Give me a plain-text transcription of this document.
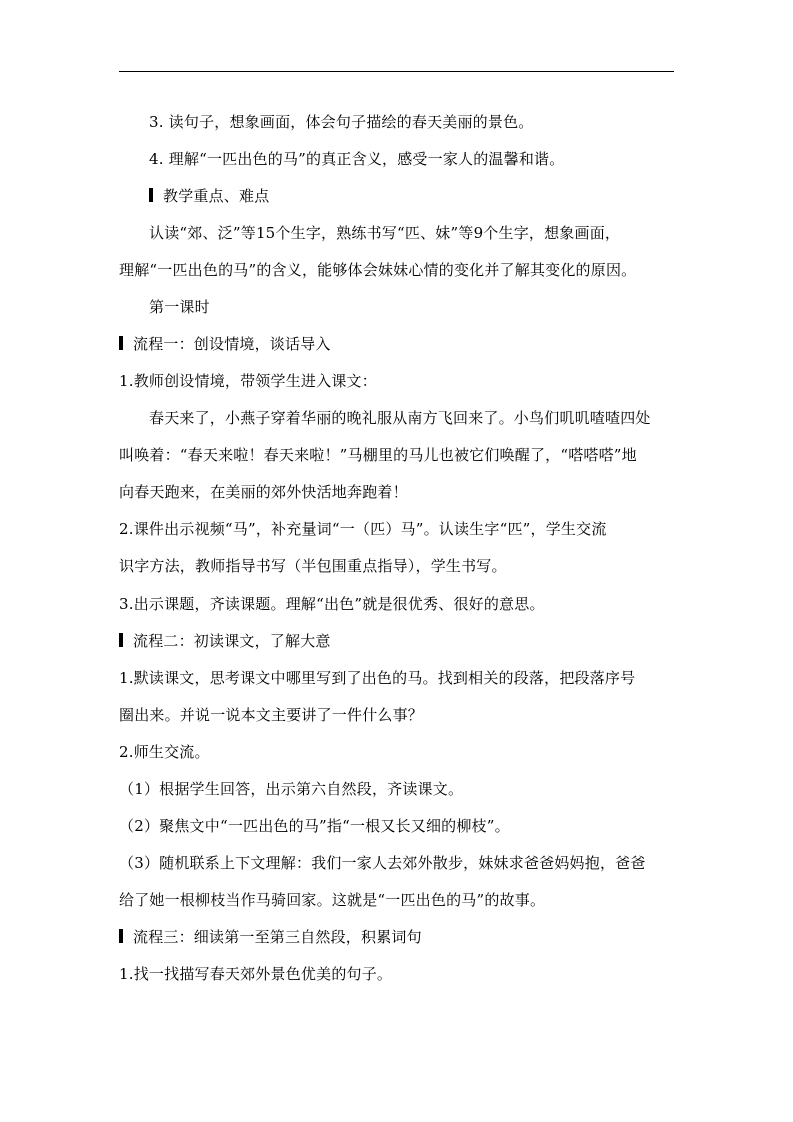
3. 读句子，想象画面，体会句子描绘的春天美丽的景色。
4. 理解“一匹出色的马”的真正含义，感受一家人的温馨和谐。
教学重点、难点
认读“郊、泛”等15个生字，熟练书写“匹、妹”等9个生字，想象画面，
理解“一匹出色的马”的含义，能够体会妹妹心情的变化并了解其变化的原因。
第一课时
流程一：创设情境，谈话导入
1.教师创设情境，带领学生进入课文：
春天来了，小燕子穿着华丽的晚礼服从南方飞回来了。小鸟们叽叽喳喳四处
叫唤着：“春天来啦！春天来啦！”马棚里的马儿也被它们唤醒了，“嗒嗒嗒”地
向春天跑来，在美丽的郊外快活地奔跑着！
2.课件出示视频“马”，补充量词“一（匹）马”。认读生字“匹”，学生交流
识字方法，教师指导书写（半包围重点指导），学生书写。
3.出示课题，齐读课题。理解“出色”就是很优秀、很好的意思。
流程二：初读课文，了解大意
1.默读课文，思考课文中哪里写到了出色的马。找到相关的段落，把段落序号
圈出来。并说一说本文主要讲了一件什么事？
2.师生交流。
（1）根据学生回答，出示第六自然段，齐读课文。
（2）聚焦文中“一匹出色的马”指“一根又长又细的柳枝”。
（3）随机联系上下文理解：我们一家人去郊外散步，妹妹求爸爸妈妈抱，爸爸
给了她一根柳枝当作马骑回家。这就是“一匹出色的马”的故事。
流程三：细读第一至第三自然段，积累词句
1.找一找描写春天郊外景色优美的句子。
